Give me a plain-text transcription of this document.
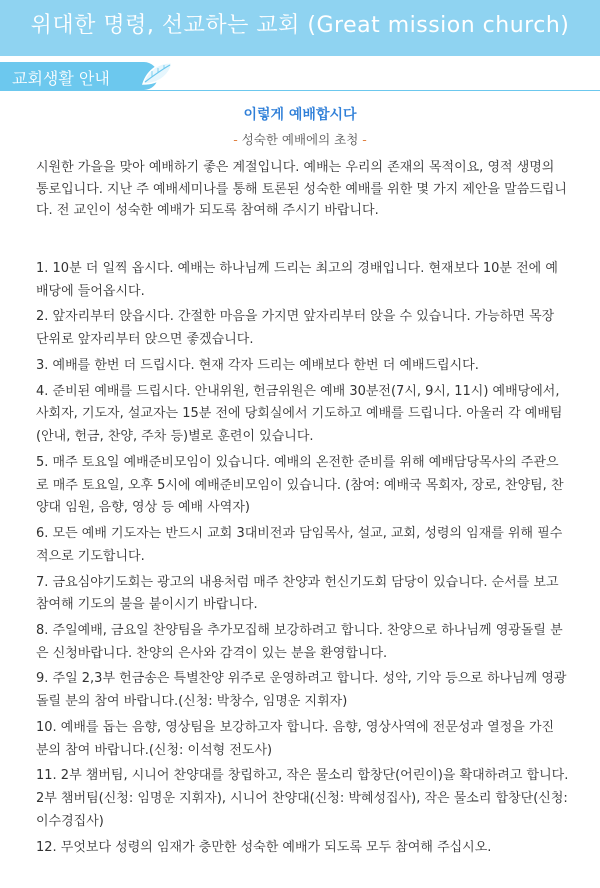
위대한 명령, 선교하는 교회 (Great mission church)
교회생활 안내
이렇게 예배합시다
- 성숙한 예배에의 초청 -

시원한 가을을 맞아 예배하기 좋은 계절입니다. 예배는 우리의 존재의 목적이요, 영적 생명의 통로입니다. 지난 주 예배세미나를 통해 토론된 성숙한 예배를 위한 몇 가지 제안을 말씀드립니다. 전 교인이 성숙한 예배가 되도록 참여해 주시기 바랍니다.

1. 10분 더 일찍 옵시다. 예배는 하나님께 드리는 최고의 경배입니다. 현재보다 10분 전에 예배당에 들어옵시다.
2. 앞자리부터 앉읍시다. 간절한 마음을 가지면 앞자리부터 앉을 수 있습니다. 가능하면 목장 단위로 앞자리부터 앉으면 좋겠습니다.
3. 예배를 한번 더 드립시다. 현재 각자 드리는 예배보다 한번 더 예배드립시다.
4. 준비된 예배를 드립시다. 안내위원, 헌금위원은 예배 30분전(7시, 9시, 11시) 예배당에서, 사회자, 기도자, 설교자는 15분 전에 당회실에서 기도하고 예배를 드립니다. 아울러 각 예배팀(안내, 헌금, 찬양, 주차 등)별로 훈련이 있습니다.
5. 매주 토요일 예배준비모임이 있습니다. 예배의 온전한 준비를 위해 예배담당목사의 주관으로 매주 토요일, 오후 5시에 예배준비모임이 있습니다. (참여: 예배국 목회자, 장로, 찬양팀, 찬양대 임원, 음향, 영상 등 예배 사역자)
6. 모든 예배 기도자는 반드시 교회 3대비전과 담임목사, 설교, 교회, 성령의 임재를 위해 필수적으로 기도합니다.
7. 금요심야기도회는 광고의 내용처럼 매주 찬양과 헌신기도회 담당이 있습니다. 순서를 보고 참여해 기도의 불을 붙이시기 바랍니다.
8. 주일예배, 금요일 찬양팀을 추가모집해 보강하려고 합니다. 찬양으로 하나님께 영광돌릴 분은 신청바랍니다. 찬양의 은사와 감격이 있는 분을 환영합니다.
9. 주일 2,3부 헌금송은 특별찬양 위주로 운영하려고 합니다. 성악, 기악 등으로 하나님께 영광 돌릴 분의 참여 바랍니다.(신청: 박창수, 임명운 지휘자)
10. 예배를 돕는 음향, 영상팀을 보강하고자 합니다. 음향, 영상사역에 전문성과 열정을 가진 분의 참여 바랍니다.(신청: 이석형 전도사)
11. 2부 챔버팀, 시니어 찬양대를 창립하고, 작은 물소리 합창단(어린이)을 확대하려고 합니다. 2부 챔버팀(신청: 임명운 지휘자), 시니어 찬양대(신청: 박혜성집사), 작은 물소리 합창단(신청: 이수경집사)
12. 무엇보다 성령의 임재가 충만한 성숙한 예배가 되도록 모두 참여해 주십시오.
